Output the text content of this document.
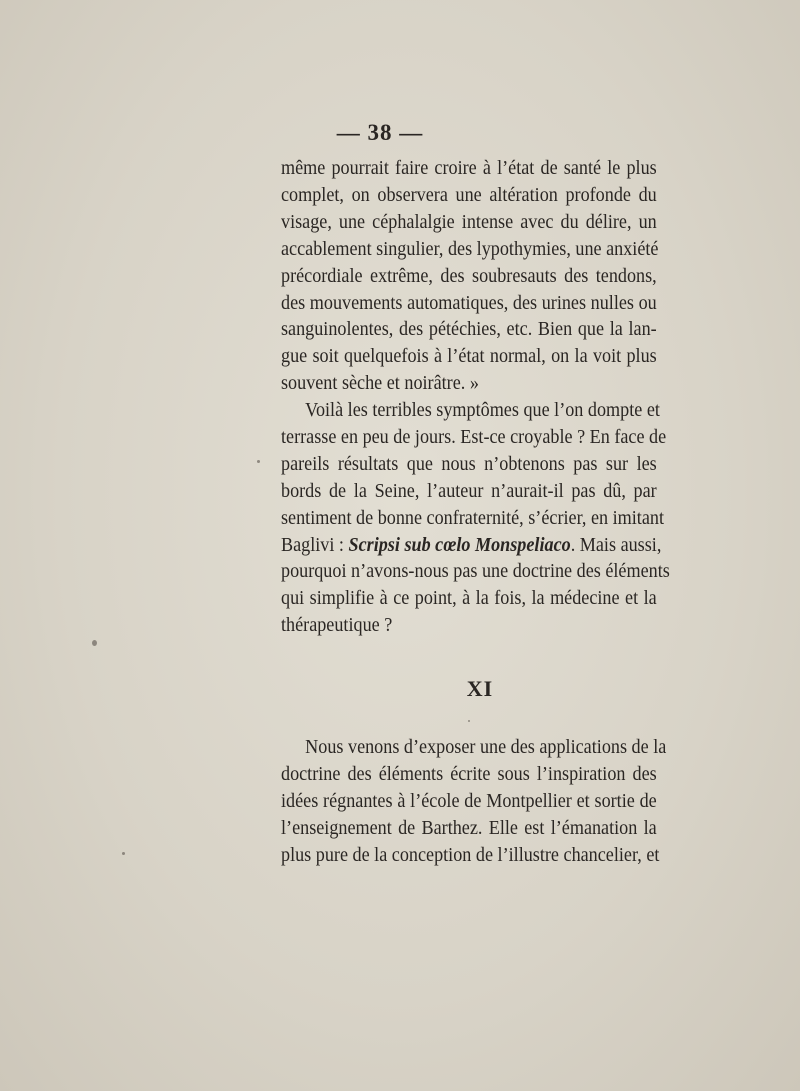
— 38 —
même pourrait faire croire à l’état de santé le plus
complet, on observera une altération profonde du
visage, une céphalalgie intense avec du délire, un
accablement singulier, des lypothymies, une anxiété
précordiale extrême, des soubresauts des tendons,
des mouvements automatiques, des urines nulles ou
sanguinolentes, des pétéchies, etc. Bien que la lan-
gue soit quelquefois à l’état normal, on la voit plus
souvent sèche et noirâtre. »
Voilà les terribles symptômes que l’on dompte et
terrasse en peu de jours. Est-ce croyable ? En face de
pareils résultats que nous n’obtenons pas sur les
bords de la Seine, l’auteur n’aurait-il pas dû, par
sentiment de bonne confraternité, s’écrier, en imitant
Baglivi : Scripsi sub cœlo Monspeliaco. Mais aussi,
pourquoi n’avons-nous pas une doctrine des éléments
qui simplifie à ce point, à la fois, la médecine et la
thérapeutique ?
XI
Nous venons d’exposer une des applications de la
doctrine des éléments écrite sous l’inspiration des
idées régnantes à l’école de Montpellier et sortie de
l’enseignement de Barthez. Elle est l’émanation la
plus pure de la conception de l’illustre chancelier, et
